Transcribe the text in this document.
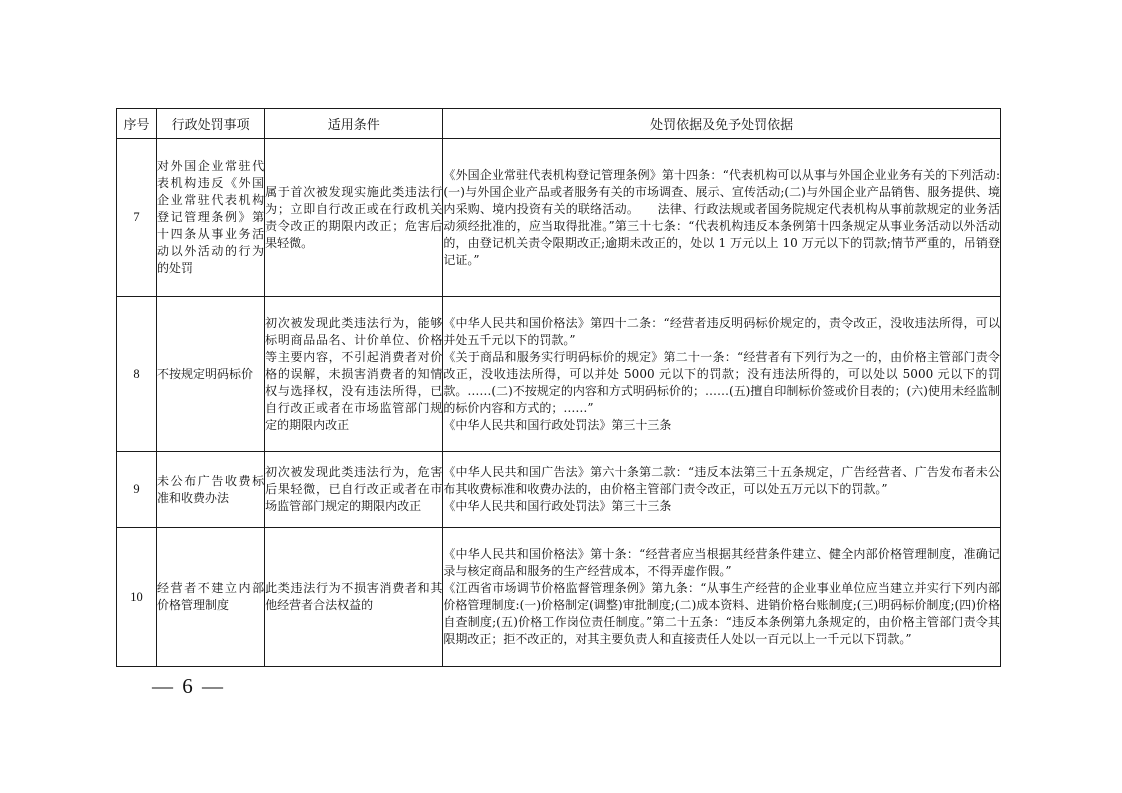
序号	行政处罚事项	适用条件	处罚依据及免予处罚依据
7	对外国企业常驻代表机构违反《外国企业常驻代表机构登记管理条例》第十四条从事业务活动以外活动的行为的处罚	属于首次被发现实施此类违法行为；立即自行改正或在行政机关责令改正的期限内改正；危害后果轻微。	《外国企业常驻代表机构登记管理条例》第十四条：“代表机构可以从事与外国企业业务有关的下列活动:(一)与外国企业产品或者服务有关的市场调查、展示、宣传活动;(二)与外国企业产品销售、服务提供、境内采购、境内投资有关的联络活动。　　法律、行政法规或者国务院规定代表机构从事前款规定的业务活动须经批准的，应当取得批准。”第三十七条：“代表机构违反本条例第十四条规定从事业务活动以外活动的，由登记机关责令限期改正;逾期未改正的，处以 1 万元以上 10 万元以下的罚款;情节严重的，吊销登记证。”

8	不按规定明码标价	初次被发现此类违法行为，能够标明商品品名、计价单位、价格等主要内容，不引起消费者对价格的误解，未损害消费者的知情权与选择权，没有违法所得，已自行改正或者在市场监管部门规定的期限内改正	《中华人民共和国价格法》第四十二条：“经营者违反明码标价规定的，责令改正，没收违法所得，可以并处五千元以下的罚款。”
《关于商品和服务实行明码标价的规定》第二十一条：“经营者有下列行为之一的，由价格主管部门责令改正，没收违法所得，可以并处 5000 元以下的罚款；没有违法所得的，可以处以 5000 元以下的罚款。……(二)不按规定的内容和方式明码标价的；……(五)擅自印制标价签或价目表的；(六)使用未经监制的标价内容和方式的；……”
《中华人民共和国行政处罚法》第三十三条

9	未公布广告收费标准和收费办法	初次被发现此类违法行为，危害后果轻微，已自行改正或者在市场监管部门规定的期限内改正	《中华人民共和国广告法》第六十条第二款：“违反本法第三十五条规定，广告经营者、广告发布者未公布其收费标准和收费办法的，由价格主管部门责令改正，可以处五万元以下的罚款。”
《中华人民共和国行政处罚法》第三十三条

10	经营者不建立内部价格管理制度	此类违法行为不损害消费者和其他经营者合法权益的	《中华人民共和国价格法》第十条：“经营者应当根据其经营条件建立、健全内部价格管理制度，准确记录与核定商品和服务的生产经营成本，不得弄虚作假。”
《江西省市场调节价格监督管理条例》第九条：“从事生产经营的企业事业单位应当建立并实行下列内部价格管理制度:(一)价格制定(调整)审批制度;(二)成本资料、进销价格台账制度;(三)明码标价制度;(四)价格自查制度;(五)价格工作岗位责任制度。”第二十五条：“违反本条例第九条规定的，由价格主管部门责令其限期改正；拒不改正的，对其主要负责人和直接责任人处以一百元以上一千元以下罚款。”
— 6 —
